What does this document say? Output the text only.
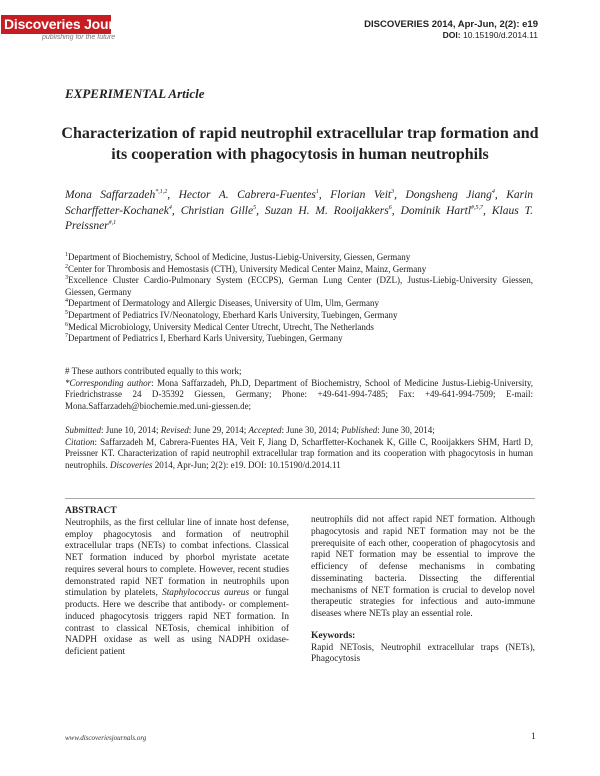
Discoveries Journals
publishing for the future
DISCOVERIES 2014, Apr-Jun, 2(2): e19
DOI: 10.15190/d.2014.11
EXPERIMENTAL Article
Characterization of rapid neutrophil extracellular trap formation and its cooperation with phagocytosis in human neutrophils
Mona Saffarzadeh$^{*,1,2}$, Hector A. Cabrera-Fuentes$^1$, Florian Veit$^3$, Dongsheng Jiang$^4$, Karin Scharffetter-Kochanek$^4$, Christian Gille$^5$, Suzan H. M. Rooijakkers$^6$, Dominik Hartl$^{\#,5,7}$, Klaus T. Preissner$^{\#,1}$
$^1$Department of Biochemistry, School of Medicine, Justus-Liebig-University, Giessen, Germany
$^2$Center for Thrombosis and Hemostasis (CTH), University Medical Center Mainz, Mainz, Germany
$^3$Excellence Cluster Cardio-Pulmonary System (ECCPS), German Lung Center (DZL), Justus-Liebig-University Giessen, Giessen, Germany
$^4$Department of Dermatology and Allergic Diseases, University of Ulm, Ulm, Germany
$^5$Department of Pediatrics IV/Neonatology, Eberhard Karls University, Tuebingen, Germany
$^6$Medical Microbiology, University Medical Center Utrecht, Utrecht, The Netherlands
$^7$Department of Pediatrics I, Eberhard Karls University, Tuebingen, Germany
# These authors contributed equally to this work;
*Corresponding author: Mona Saffarzadeh, Ph.D, Department of Biochemistry, School of Medicine Justus-Liebig-University, Friedrichstrasse 24 D-35392 Giessen, Germany; Phone: +49-641-994-7485; Fax: +49-641-994-7509; E-mail: Mona.Saffarzadeh@biochemie.med.uni-giessen.de;
Submitted: June 10, 2014; Revised: June 29, 2014; Accepted: June 30, 2014; Published: June 30, 2014;
Citation: Saffarzadeh M, Cabrera-Fuentes HA, Veit F, Jiang D, Scharffetter-Kochanek K, Gille C, Rooijakkers SHM, Hartl D, Preissner KT. Characterization of rapid neutrophil extracellular trap formation and its cooperation with phagocytosis in human neutrophils. Discoveries 2014, Apr-Jun; 2(2): e19. DOI: 10.15190/d.2014.11
ABSTRACT
Neutrophils, as the first cellular line of innate host defense, employ phagocytosis and formation of neutrophil extracellular traps (NETs) to combat infections. Classical NET formation induced by phorbol myristate acetate requires several hours to complete. However, recent studies demonstrated rapid NET formation in neutrophils upon stimulation by platelets, Staphylococcus aureus or fungal products. Here we describe that antibody- or complement-induced phagocytosis triggers rapid NET formation. In contrast to classical NETosis, chemical inhibition of NADPH oxidase as well as using NADPH oxidase-deficient patient
neutrophils did not affect rapid NET formation. Although phagocytosis and rapid NET formation may not be the prerequisite of each other, cooperation of phagocytosis and rapid NET formation may be essential to improve the efficiency of defense mechanisms in combating disseminating bacteria. Dissecting the differential mechanisms of NET formation is crucial to develop novel therapeutic strategies for infectious and auto-immune diseases where NETs play an essential role.
Keywords:
Rapid NETosis, Neutrophil extracellular traps (NETs), Phagocytosis
www.discoveriesjournals.org	1
